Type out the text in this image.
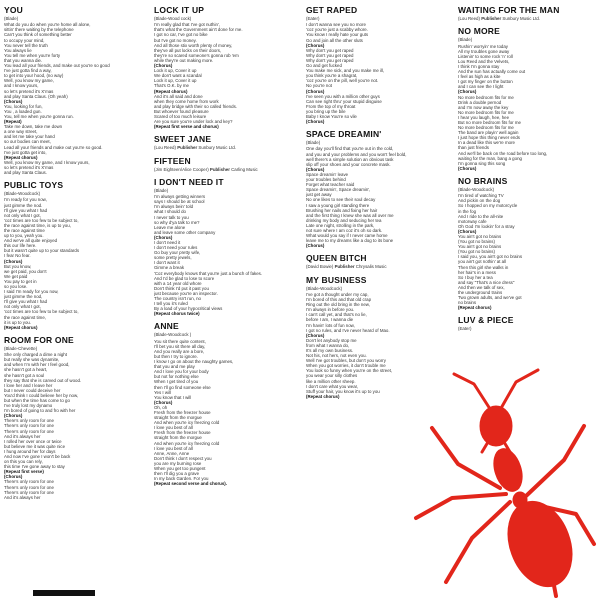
YOU
(Blade)
What do you do when you're home all alone,
sittin' there waiting by the telephone
Can't you think of something better
to occupy your mind,
You never tell the truth
You always lie
You tell me when you're forty
that you wanna die.
You lead all your friends, and make out you're so good
I've just gotta find a way,
to get into your hood, (no way)
Well, you know my game,
and I know yours,
so let's pretend it's X'mas
and play Santa Claus. (Oh yeah)
(Chorus)
You, looking for fun,
You , a loaded gun.
You, tell me when you're gonna run.
(Repeat)
Take me down, take me down
a one way street,
and let me take your hand
so our bodies can meet,
Lead all your friends and make out you're so good.
I've just gotta get into,
(Repeat chorus)
Well, you know my game, and I know yours,
so let's pretend it's X'mas
and play Santa Claus.
PUBLIC TOYS
(Blade-Woodcock)
I'm ready for you now,
just gimme the nod.
I'll give you what I had
not only what I got,
'coz times are too few to be subject to,
the race against time, is up to you,
the race against time
up to you, yeah you.
And we've all quite enjoyed
this our life here.
but it wasn't quite up to your standards
I fear No fear.
(Chorus)
But you know,
we get paid, you don't
We get paid
You pay to get in
so you lose.
I said I'm ready for you now,
just gimme the nod,
I'll give you what I had
not only what I got,
'coz times are too few to be subject to,
the race against time,
it is up to you.
(Repeat chorus)
ROOM FOR ONE
(Blade-Chevette)
She only charged a dime a night
but really she was dynamite,
and when I'm with her I feel good,
she hasn't got a heart,
she hasn't got a soul
they say that she is carved out of wood.
I love her and I leave her
but I never could deceive her
You'd think I could believe her by now,
but when the time has come to go
I've truly lost my dynamo
I'm bored of going to and fro with her
(Chorus)
There's only room for one
There's only room for one
There's only room for one
And it's always her
I rolled her over once or twice
but believe me it was quite nice
I hung around her for days
And now I've gone I won't be back
on this you can rely,
this time I've gone away to stay
(Repeat first verse)
(Chorus)
There's only room for one
There's only room for one
There's only room for one
And it's always her
LOCK IT UP
(Blade-Wood cock)
I'm really glad that I've got nuthin',
that's what the Government ain't done for me.
I got no car, I've got no bike
but I've got no money.
And all those stix worth plenty of money,
they've all put locks on their doors,
they're so scared someone's gonna rob 'em
while they're out making more.
(Chorus)
Lock it up, Cover it up
We don't want a scandal
Lock it up, Cover it up
That's O.K. by me
(Repeat chorus)
And it's all said and done
when they come home from work
and play bridge with their so called friends.
But whoever found pleasure
Scared of too much leisure
Are you sure you're under lock and key?
(Repeat first verse and chorus)
SWEET JANE
(Lou Reed) Publisher Sunbury Music Ltd.
FIFTEEN
(Jim Eighteen/Alice Cooper) Publisher Carling Music
I DON'T NEED IT
(Blade)
I'm always getting winners
says I should be at school
I'm always bein' told
what I should do
I never talk to you
so why d'ya talk to me?
Leave me alone
and leave some other company
(Chorus)
I don't need it
I don't need your rules
Go buy your pretty wife,
some pretty jewels,
I don't want it
Gimme a break
'Coz everybody knows that you're just a bunch of fakes.
And I'd be glad to lose to score
with a 14 year old whore
Don't think I'd put it past you
just because you're an inspector.
The country isn't run, no
I tell you it's ruled
By a load of your hypocritical views
(Repeat chorus twice)
ANNE
(Blade-Woodcock )
You sit there quite content,
I'll bet you sit there all day,
And you really are a bore,
but then I try to ignore.
I know I go on about the naughty games,
that you and me play
And I love you for your body
but not for nothing else
When I get tired of you
then I'll go find someone else
Yes I will
You know that I will
(Chorus)
Oh, oh
Fresh from the freezer house
straight from the morgue
And when you're icy freezing cold
I love you best of all
Fresh from the freezer house
straight from the morgue
And when you're icy freezing cold
I love you best of all
Anne, Anne, Anne
Don't think I don't respect you
you are my burning rose
When you get too pungent
then I'll dig you a grave
In my back Garden. For you
(Repeat second verse and chorus).
GET RAPED
(Eater)
I don't wanna see you no more
'coz you're just a scabby whore.
You know I really hate your guts
Go and join all the other sluts
(Chorus)
Why don't you get raped
Why don't you get raped
Why don't you get raped
Go and get fucked
You make me sick, and you make me ill,
you think you're a shagrat,
'coz you're on the pill, well you're not.
No you're not
(Chorus)
I've seen you with a million other guys
Can see right thru' your stupid disguise
From the top of my throat
you bring up the bile
Baby I know You're so vile
(Chorus)
SPACE DREAMIN'
(Blade)
One day you'll find that you're out in the cold,
and you and your problems and you won't feel bold,
well there's a simple solution an obvious task
slip off your shoes and your concrete mask.
(Chorus)
Space dreamin' leave
your troubles behind
Forget what teacher said
Space dreamin', Space dreamin',
just get away
No one likes to see their soul decay
I saw a young girl standing there
Brushing her nails and fixing her hair
and the first thing I knew she was all over me
drinking my body and seducing her tea
Late one night, strolling in the park,
not sure where I am coz it's oh so dark.
What would you say if I never came home
leave me to my dreams like a dog to its bone
(Chorus)
QUEEN BITCH
(David Bowie) Publisher Chrysalis Music
MY BUSINESS
(Blade-Woodcock)
I've got a thought under my cap,
I'm bored of this and that old crap
Ring out the old bring in the new,
I'm always in before you.
I can't call yet, and that's no lie,
before I am, I wanna die
I'm havin' lots of fun now,
I got no rules, and I've never heard of Mao.
(Chorus)
Don't let anybody stop me
from what I wanna do,
It's all my own business.
Not his, not hers, not even you.
Well I've got troubles, but don't you worry
When you got worries, it don't trouble me
You look so funny when you're on the street,
you wear your silly clothes
like a million other sheep.
I don't care what you wear,
Stuff your hair, you know it's up to you
(Repeat chorus)
WAITING FOR THE MAN
(Lou Reed) Publisher Sunbury Music Ltd.
NO MORE
(Blade)
Rushin' worryin' me today
All my troubles gone away
Listenin' to some rock 'n' roll
Lou Reed and the Velvets,
I think I'm gonna stay
And the sun has actually come out
I feel as high as a kite
I got my finger on the button
and I can see the I light
(Chorus)
No more bedroom fits for me
Drink a double pernod
and I'm now away the key
No more bedroom fits for me
I hear you laugh, hee, hee
But no more bedroom fits for me
No more bedroom fits for me
The band are playin' well again
I just hope this thing never ends
In a dead like this we're more
than just friends
And we'll be back on the road before too long,
waiting for the man, bang a gong
I'm gonna sing this song
(Chorus)
NO BRAINS
(Blade-Woodcock)
I'm tired of watching TV
And pickin on the dog
So I hopped on my motorcycle
in the fog
And I ride to the all-nite
motorway cafe
Oh God I'm lookin' for a stray
(Chorus)
You ain't got no brains
(You got no brains)
You ain't got no brains
(You got no brains)
I said you, you ain't got no brains
you ain't got nothin' at all
Then this girl she walks in
her hair's in a mess
So I buy her a tea
and say "That's a nice dress"
And then we talk of sex,
the underground trains
Two grown adults, and we've got
no brains
(Repeat chorus)
LUV & PIECE
(Eater)
